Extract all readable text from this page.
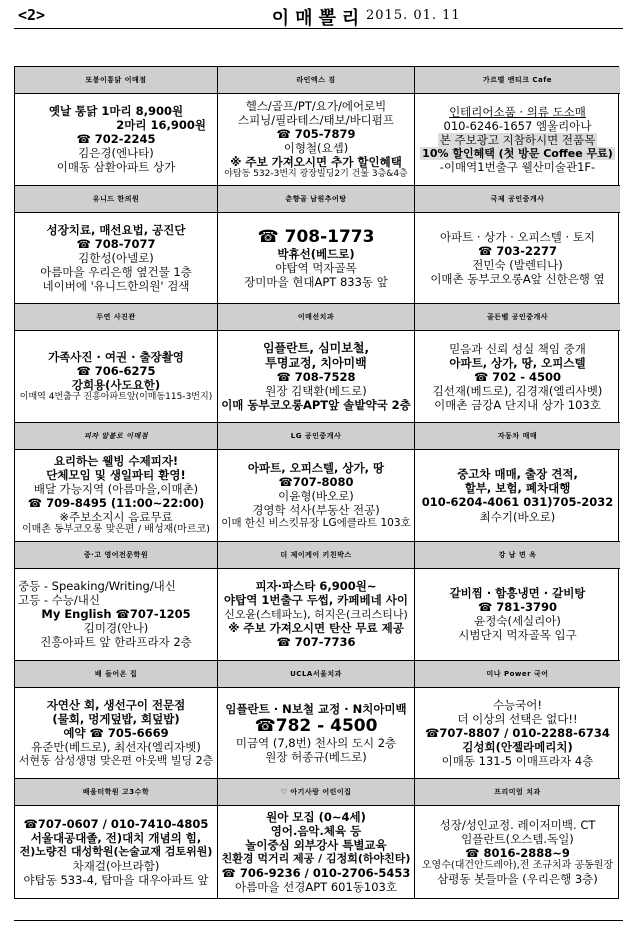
<2>	이매뽈리 2015. 01. 11
또봉이통닭 이매점
옛날 통닭 1마리 8,900원
2마리 16,900원
☎ 702-2245
김은경(엔나타)
이매동 삼환아파트 상가
라인엑스 짐
헬스/골프/PT/요가/에어로빅
스피닝/필라테스/태보/바디펌프
☎ 705-7879
이형철(요셉)
※ 주보 가져오시면 추가 할인혜택
야탑동 532-3번지 광장빌딩2기 건물 3층&4층
가르멜 앤티크 Cafe
인테리어소품 · 의류 도소매
010-6246-1657 엠울리아나
본 주보광고 지참하시면 전품목
10% 할인혜택 (첫 방문 Coffee 무료)
-이매역1번출구 웰산미술관1F-
유니드 한의원
성장치료, 매선요법, 공진단
☎ 708-7077
김한성(아넬로)
아름마을 우리은행 옆건물 1층
네이버에 '유니드한의원' 검색
춘향골 남원추어탕
☎ 708-1773
박휴선(베드로)
야탑역 먹자골목
장미마을 현대APT 833동 앞
국제 공인중개사
아파트 · 상가 · 오피스텔 · 토지
☎ 703-2277
전민숙 (발렌티나)
이매촌 동부코오롱A앞 신한은행 옆
두연 사진관
가족사진 · 여권 · 출장촬영
☎ 706-6275
강희용(사도요한)
이매역 4번출구 진흥아파트앞(이매동115-3번지)
이매선치과
임플란트, 심미보철,
투명교정, 치아미백
☎ 708-7528
원장 김택환(베드로)
이매 동부코오롱APT앞 솔밭약국 2층
골든벨 공인중개사
믿음과 신뢰 성실 책임 중개
아파트, 상가, 땅, 오피스텔
☎ 702 - 4500
김선재(베드로), 김경재(엘리사벳)
이매촌 금강A 단지내 상가 103호
피자 알볼로 이매점
요리하는 웰빙 수제피자!
단체모임 및 생일파티 환영!
배달 가능지역 (아름마을,이매촌)
☎ 709-8495 (11:00~22:00)
※주보소지시 음료무료
이매촌 동부코오롱 맞은편 / 배성재(마르코)
LG 공인중개사
아파트, 오피스텔, 상가, 땅
☎707-8080
이윤형(바오로)
경영학 석사(부동산 전공)
이매 한신 비스킷뮤장 LG에클라트 103호
자동차 매매
중고차 매매, 출장 견적,
할부, 보험, 폐차대행
010-6204-4061 031)705-2032
최수기(바오로)
중·고 영어전문학원
중등 - Speaking/Writing/내신
고등 - 수능/내신
My English ☎707-1205
김미경(안나)
진흥아파트 앞 한라프라자 2층
더 제이케이 키친박스
피자·파스타 6,900원~
야탑역 1번출구 두썹, 카페베네 사이
신오윤(스테파노), 허지은(크리스티나)
※ 주보 가져오시면 탄산 무료 제공
☎ 707-7736
강 남 면 옥
갈비찜 · 함흥냉면 · 갈비탕
☎ 781-3790
윤정숙(세실리아)
시범단지 먹자골목 입구
배 들어온 집
자연산 회, 생선구이 전문점
(물회, 멍게덮밥, 회덮밥)
예약 ☎ 705-6669
유준만(베드로), 최선자(엘리자벳)
서현동 삼성생명 맞은편 아웃백 빌딩 2층
UCLA서울치과
임플란트 · N보철 교정 · N치아미백
☎782 - 4500
미금역 (7,8번) 천사의 도시 2층
원장 허종규(베드로)
미나 Power 국어
수능국어!
더 이상의 선택은 없다!!
☎707-8807 / 010-2288-6734
김성희(안젤라메리치)
이매동 131-5 이매프라자 4층
배움터학원 고3수학
☎707-0607 / 010-7410-4805
서울대공대졸, 전)대치 개념의 힘,
전)노량진 대성학원(논술교재 검토위원)
차재걸(아브라함)
야탑동 533-4, 탑마을 대우아파트 앞
♡ 아기사랑 어린이집
원아 모집 (0~4세)
영어.음악.체육 등
놀이중심 외부강사 특별교육
친환경 먹거리 제공 / 김정희(하야친타)
☎ 706-9236 / 010-2706-5453
아름마을 선경APT 601동103호
프리미엄 치과
성장/성인교정. 레이저미백. CT
임플란트(오스템.독일)
☎ 8016-2888~9
오영수(대건안드레아),전 조규치과 공동원장
삼평동 봇들마을 (우리은행 3층)
